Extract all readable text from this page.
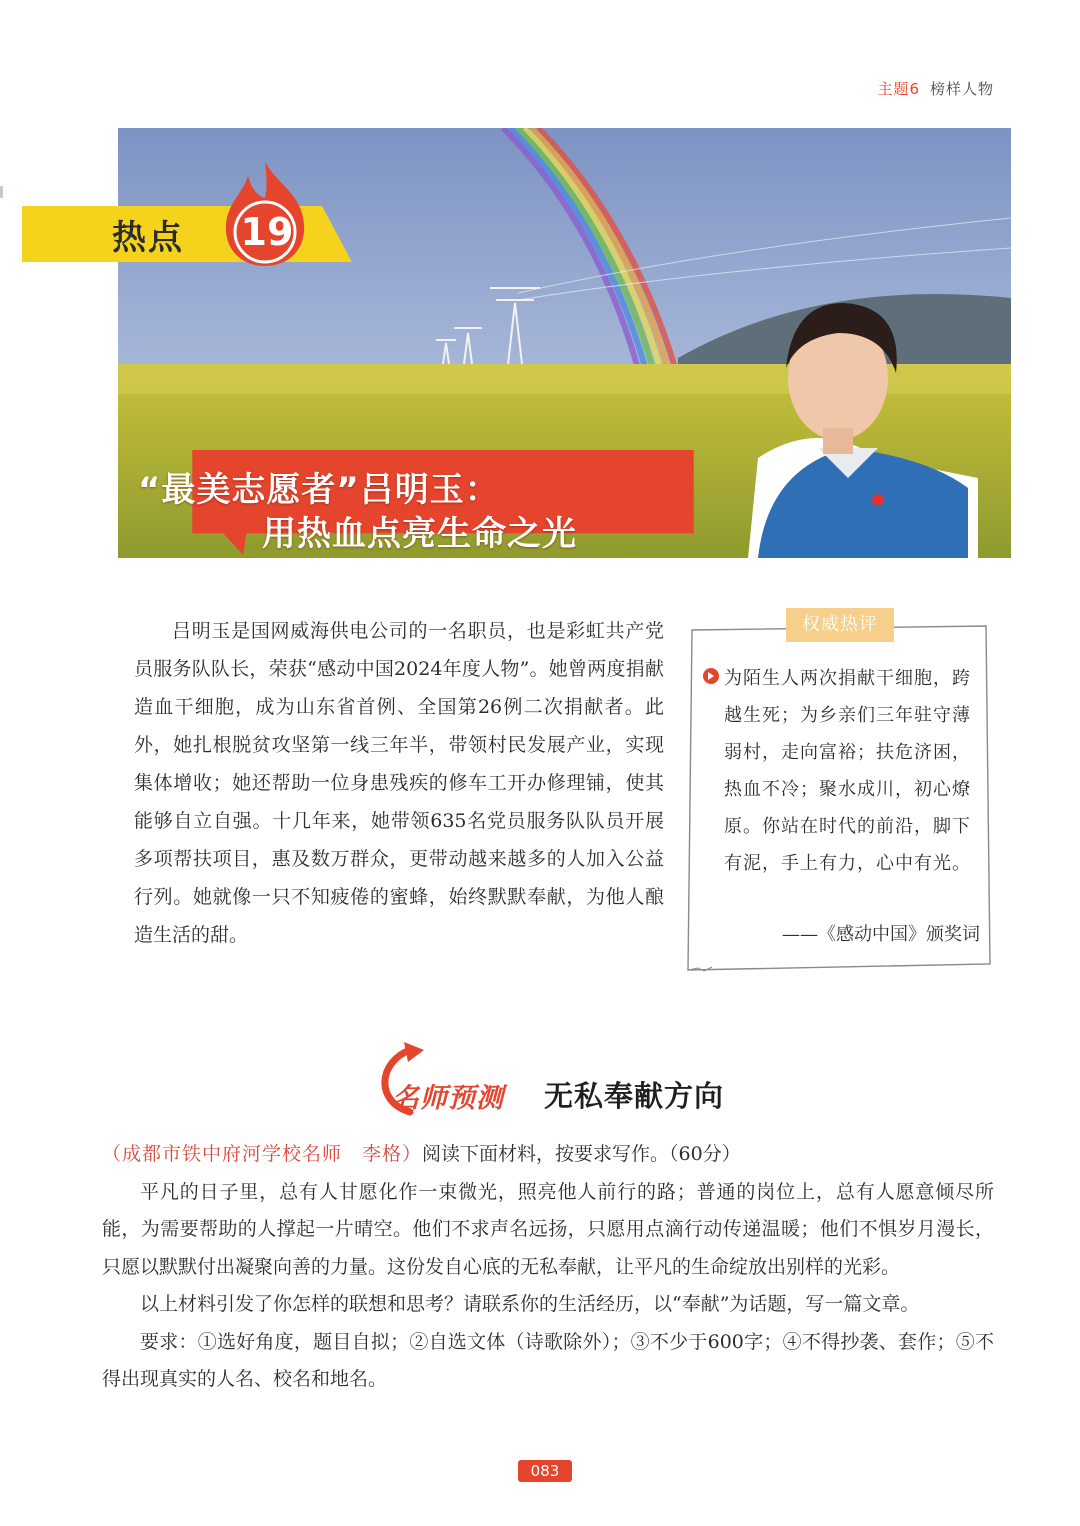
主题6 榜样人物
热点 19
“最美志愿者”吕明玉：
用热血点亮生命之光

吕明玉是国网威海供电公司的一名职员，也是彩虹共产党员服务队队长，荣获“感动中国2024年度人物”。她曾两度捐献造血干细胞，成为山东省首例、全国第26例二次捐献者。此外，她扎根脱贫攻坚第一线三年半，带领村民发展产业，实现集体增收；她还帮助一位身患残疾的修车工开办修理铺，使其能够自立自强。十几年来，她带领635名党员服务队队员开展多项帮扶项目，惠及数万群众，更带动越来越多的人加入公益行列。她就像一只不知疲倦的蜜蜂，始终默默奉献，为他人酿造生活的甜。

权威热评
为陌生人两次捐献干细胞，跨越生死；为乡亲们三年驻守薄弱村，走向富裕；扶危济困，热血不冷；聚水成川，初心燎原。你站在时代的前沿，脚下有泥，手上有力，心中有光。
——《感动中国》颁奖词
名师预测 无私奉献方向

（成都市铁中府河学校名师　李格）阅读下面材料，按要求写作。（60分）

平凡的日子里，总有人甘愿化作一束微光，照亮他人前行的路；普通的岗位上，总有人愿意倾尽所能，为需要帮助的人撑起一片晴空。他们不求声名远扬，只愿用点滴行动传递温暖；他们不惧岁月漫长，只愿以默默付出凝聚向善的力量。这份发自心底的无私奉献，让平凡的生命绽放出别样的光彩。

以上材料引发了你怎样的联想和思考？请联系你的生活经历，以“奉献”为话题，写一篇文章。

要求：①选好角度，题目自拟；②自选文体（诗歌除外）；③不少于600字；④不得抄袭、套作；⑤不得出现真实的人名、校名和地名。

083
